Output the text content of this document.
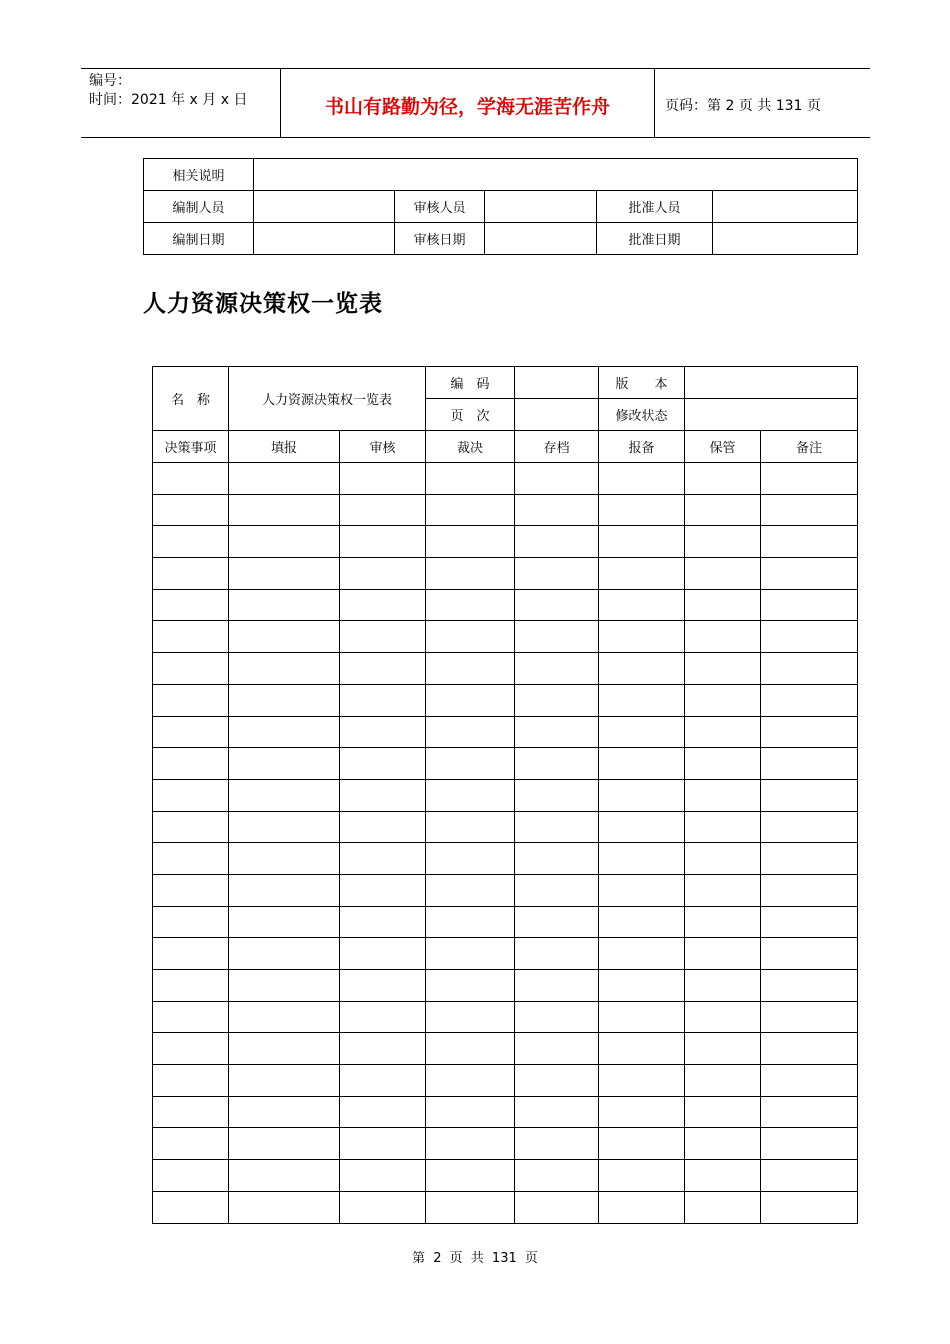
编号：
时间：2021 年 x 月 x 日	书山有路勤为径，学海无涯苦作舟	页码：第 2 页 共 131 页
相关说明					
编制人员		审核人员		批准人员	
编制日期		审核日期		批准日期	
人力资源决策权一览表
名　称	人力资源决策权一览表		编　码		版　　本		
			页　次		修改状态		
决策事项	填报	审核	裁决	存档	报备	保管	备注

第 2 页 共 131 页
